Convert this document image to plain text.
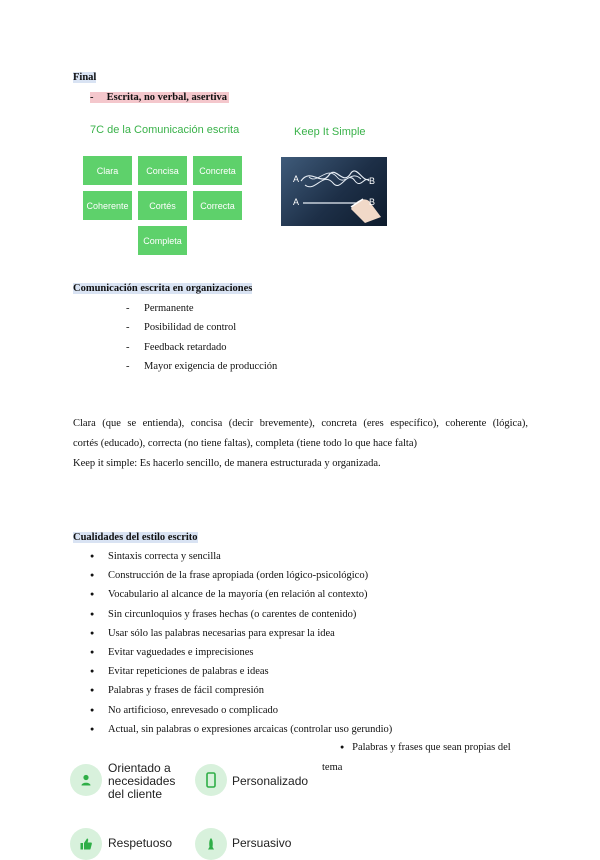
Final
-     Escrita, no verbal, asertiva
7C de la Comunicación escrita
Clara	Concisa	Concreta
Coherente	Cortés	Correcta
Completa
Keep It Simple
A	B
A	B
Comunicación escrita en organizaciones
- Permanente
- Posibilidad de control
- Feedback retardado
- Mayor exigencia de producción
Clara (que se entienda), concisa (decir brevemente), concreta (eres específico), coherente (lógica),
cortés (educado), correcta (no tiene faltas), completa (tiene todo lo que hace falta)
Keep it simple: Es hacerlo sencillo, de manera estructurada y organizada.
Cualidades del estilo escrito
● Sintaxis correcta y sencilla
● Construcción de la frase apropiada (orden lógico-psicológico)
● Vocabulario al alcance de la mayoría (en relación al contexto)
● Sin circunloquios y frases hechas (o carentes de contenido)
● Usar sólo las palabras necesarias para expresar la idea
● Evitar vaguedades e imprecisiones
● Evitar repeticiones de palabras e ideas
● Palabras y frases de fácil compresión
● No artificioso, enrevesado o complicado
● Actual, sin palabras o expresiones arcaicas (controlar uso gerundio)
● Palabras y frases que sean propias del
tema
Orientado a
necesidades
del cliente
Personalizado
Respetuoso	Persuasivo
